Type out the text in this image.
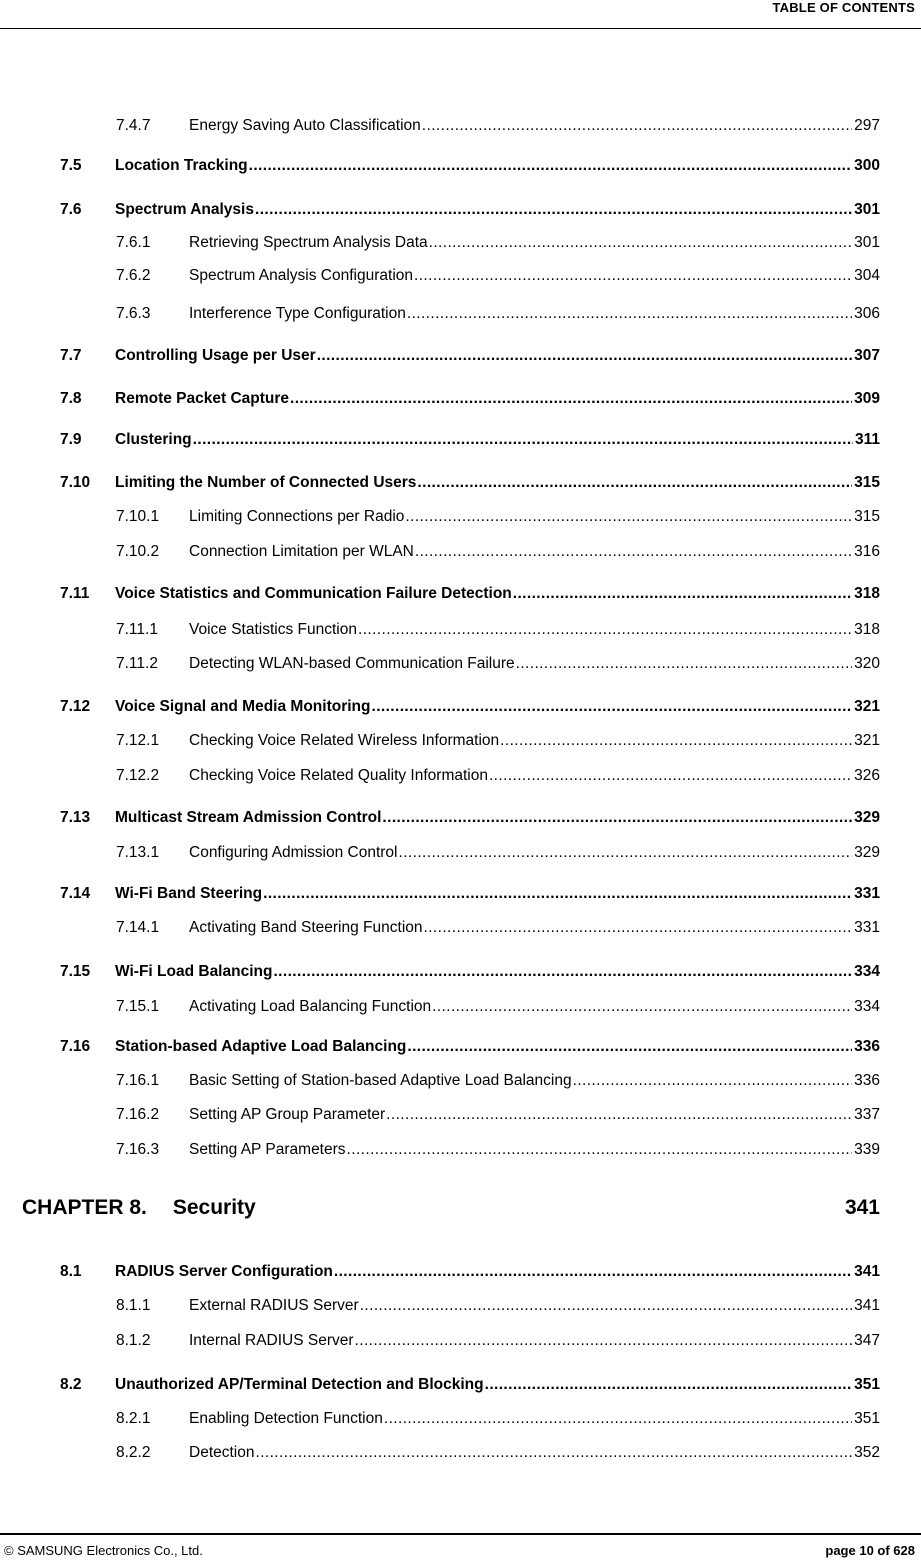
TABLE OF CONTENTS
7.4.7	Energy Saving Auto Classification .....	297
7.5	Location Tracking .....	300
7.6	Spectrum Analysis .....	301
7.6.1	Retrieving Spectrum Analysis Data .....	301
7.6.2	Spectrum Analysis Configuration .....	304
7.6.3	Interference Type Configuration .....	306
7.7	Controlling Usage per User .....	307
7.8	Remote Packet Capture .....	309
7.9	Clustering .....	311
7.10	Limiting the Number of Connected Users .....	315
7.10.1	Limiting Connections per Radio .....	315
7.10.2	Connection Limitation per WLAN .....	316
7.11	Voice Statistics and Communication Failure Detection .....	318
7.11.1	Voice Statistics Function .....	318
7.11.2	Detecting WLAN-based Communication Failure .....	320
7.12	Voice Signal and Media Monitoring .....	321
7.12.1	Checking Voice Related Wireless Information .....	321
7.12.2	Checking Voice Related Quality Information .....	326
7.13	Multicast Stream Admission Control .....	329
7.13.1	Configuring Admission Control .....	329
7.14	Wi-Fi Band Steering .....	331
7.14.1	Activating Band Steering Function .....	331
7.15	Wi-Fi Load Balancing .....	334
7.15.1	Activating Load Balancing Function .....	334
7.16	Station-based Adaptive Load Balancing .....	336
7.16.1	Basic Setting of Station-based Adaptive Load Balancing .....	336
7.16.2	Setting AP Group Parameter .....	337
7.16.3	Setting AP Parameters .....	339
CHAPTER 8. Security	341
8.1	RADIUS Server Configuration .....	341
8.1.1	External RADIUS Server .....	341
8.1.2	Internal RADIUS Server .....	347
8.2	Unauthorized AP/Terminal Detection and Blocking .....	351
8.2.1	Enabling Detection Function .....	351
8.2.2	Detection .....	352
© SAMSUNG Electronics Co., Ltd.	page 10 of 628
